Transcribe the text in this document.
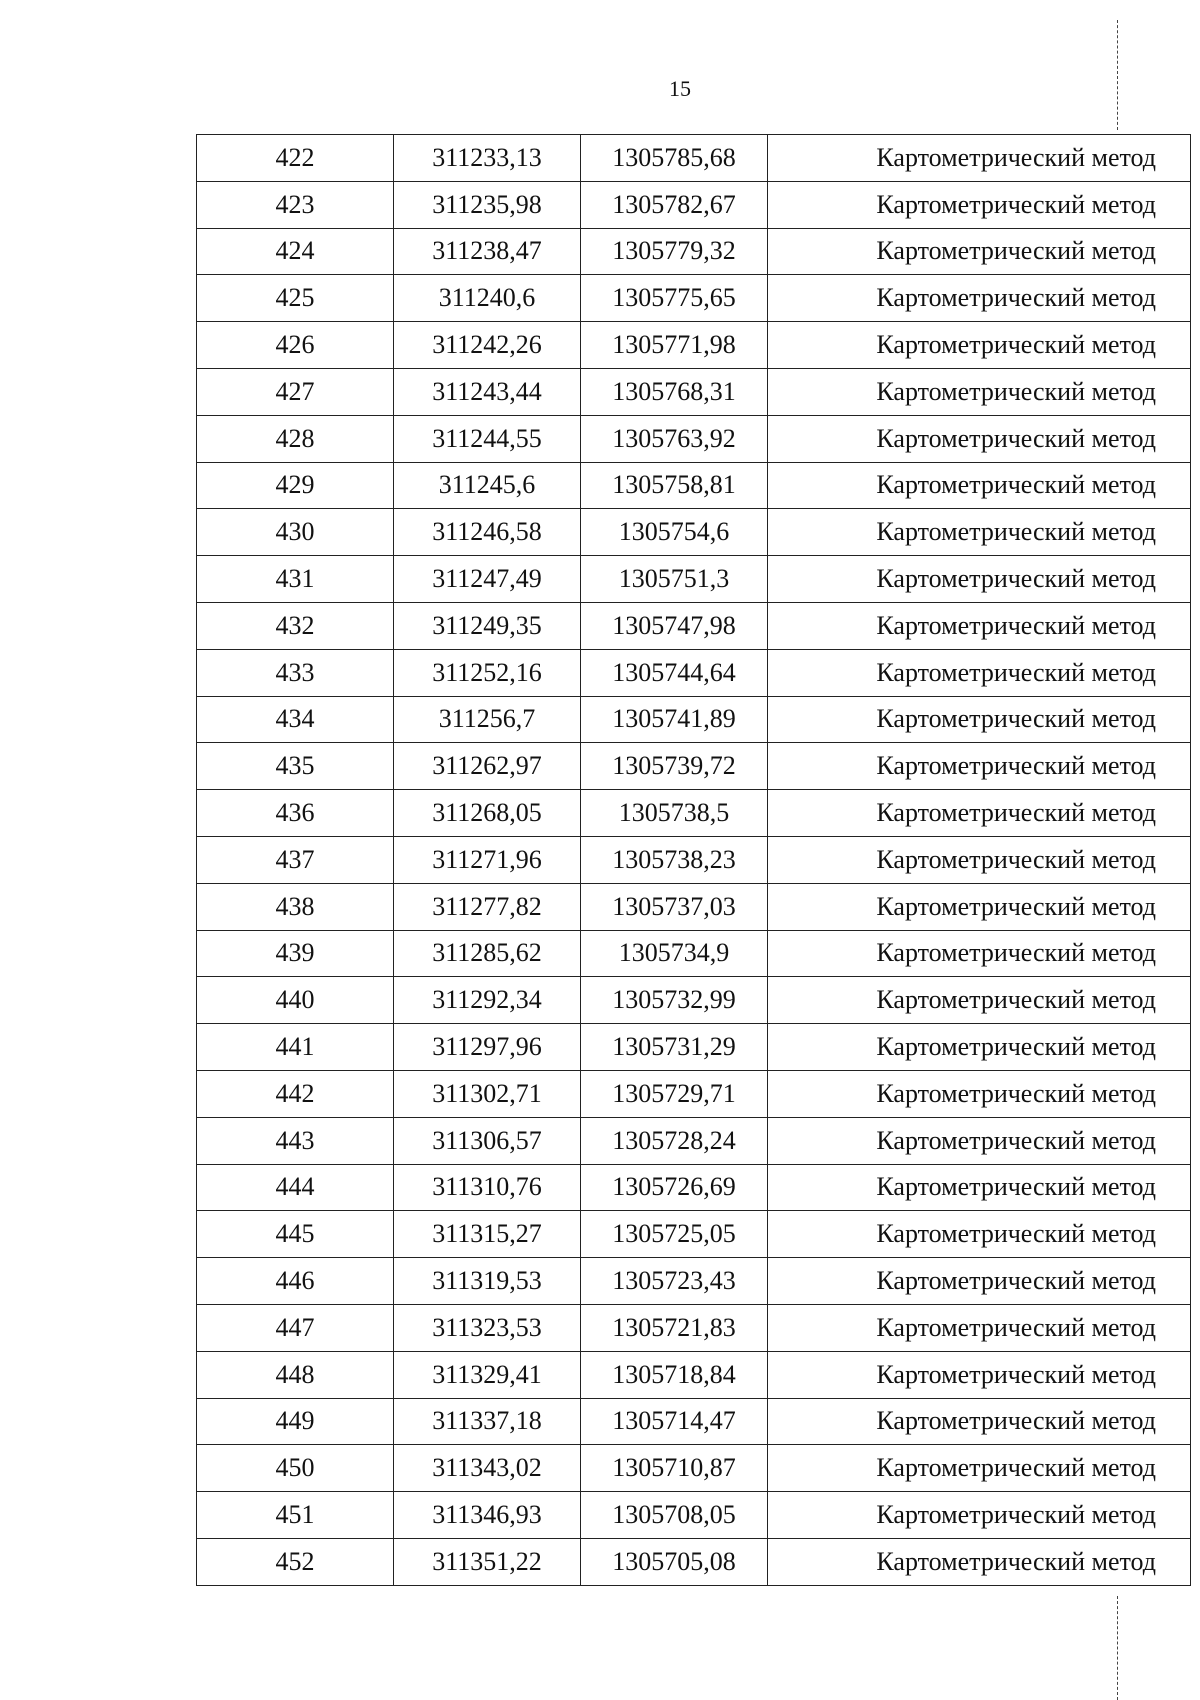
15
422	311233,13	1305785,68	Картометрический метод
423	311235,98	1305782,67	Картометрический метод
424	311238,47	1305779,32	Картометрический метод
425	311240,6	1305775,65	Картометрический метод
426	311242,26	1305771,98	Картометрический метод
427	311243,44	1305768,31	Картометрический метод
428	311244,55	1305763,92	Картометрический метод
429	311245,6	1305758,81	Картометрический метод
430	311246,58	1305754,6	Картометрический метод
431	311247,49	1305751,3	Картометрический метод
432	311249,35	1305747,98	Картометрический метод
433	311252,16	1305744,64	Картометрический метод
434	311256,7	1305741,89	Картометрический метод
435	311262,97	1305739,72	Картометрический метод
436	311268,05	1305738,5	Картометрический метод
437	311271,96	1305738,23	Картометрический метод
438	311277,82	1305737,03	Картометрический метод
439	311285,62	1305734,9	Картометрический метод
440	311292,34	1305732,99	Картометрический метод
441	311297,96	1305731,29	Картометрический метод
442	311302,71	1305729,71	Картометрический метод
443	311306,57	1305728,24	Картометрический метод
444	311310,76	1305726,69	Картометрический метод
445	311315,27	1305725,05	Картометрический метод
446	311319,53	1305723,43	Картометрический метод
447	311323,53	1305721,83	Картометрический метод
448	311329,41	1305718,84	Картометрический метод
449	311337,18	1305714,47	Картометрический метод
450	311343,02	1305710,87	Картометрический метод
451	311346,93	1305708,05	Картометрический метод
452	311351,22	1305705,08	Картометрический метод
